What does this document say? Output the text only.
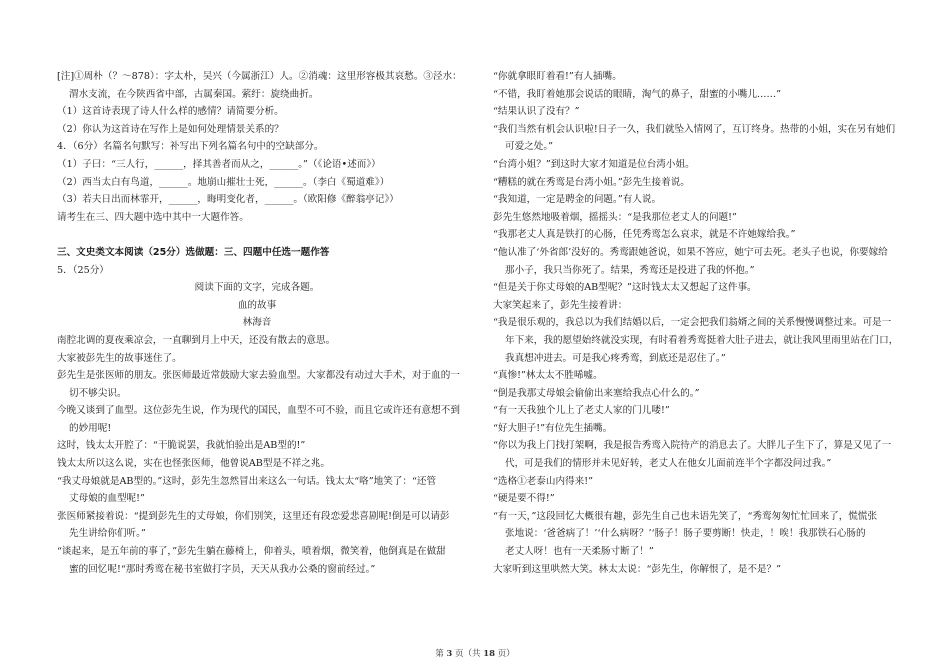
[注]①周朴（？～878）：字太朴，吴兴（今属浙江）人。②消魂：这里形容极其哀愁。③泾水：

渭水支流，在今陕西省中部，古属秦国。萦纡：旋绕曲折。

（1）这首诗表现了诗人什么样的感情？请简要分析。

（2）你认为这首诗在写作上是如何处理情景关系的？

4．（6分）名篇名句默写：补写出下列名篇名句中的空缺部分。

（1）子曰：“三人行，______，择其善者而从之，______。”（《论语•述而》）

（2）西当太白有鸟道，______。地崩山摧壮士死，______。（李白《蜀道难》）

（3）若夫日出而林霏开，______，晦明变化者，______。（欧阳修《醉翁亭记》）

请考生在三、四大题中选中其中一大题作答。

三、文史类文本阅读（25分）选做题：三、四题中任选一题作答

5．（25分）

阅读下面的文字，完成各题。

血的故事

林海音

南腔北调的夏夜乘凉会，一直聊到月上中天，还没有散去的意思。

大家被彭先生的故事迷住了。

彭先生是张医师的朋友。张医师最近常鼓励大家去验血型。大家都没有动过大手术，对于血的一

切不够尖识。

今晚又谈到了血型。这位彭先生说，作为现代的国民，血型不可不验，而且它或许还有意想不到

的妙用呢!

这时，钱太太开腔了：“干脆说罢，我就怕验出是AB型的!”

钱太太所以这么说，实在也怪张医师，他曾说AB型是不祥之兆。

“我丈母娘就是AB型的。”这时，彭先生忽然冒出来这么一句话。钱太太“咯”地笑了：“还管

丈母娘的血型呢!”

张医师紧接着说：“提到彭先生的丈母娘，你们别笑，这里还有段恋爱悲喜剧呢!倒是可以请彭

先生讲给你们听。”

“谈起来，是五年前的事了，”彭先生躺在藤椅上，仰着头，喷着烟，微笑着，他倒真是在做甜

蜜的回忆呢!“那时秀鸾在秘书室做打字员，天天从我办公桑的窗前经过。”

“你就拿眼盯着看!”有人插嘴。

“不错，我盯着她那会说话的眼睛，淘气的鼻子，甜蜜的小嘴儿……”

“结果认识了没有？”

“我们当然有机会认识啦!日子一久，我们就坠入情网了，互订终身。热带的小姐，实在另有她们

可爱之处。”

“台湾小姐？”到这时大家才知道是位台湾小姐。

“糟糕的就在秀鸾是台湾小姐。”彭先生接着说。

“我知道，一定是聘金的问题。”有人说。

彭先生悠然地吸着烟，摇摇头：“是我那位老丈人的问题!”

“我那老丈人真是铁打的心肠，任凭秀鸾怎么哀求，就是不许她嫁给我。”

“他认准了‘外省郎’没好的。秀鸾跟她爸说，如果不答应，她宁可去死。老头子也说，你要嫁给

那小子，我只当你死了。结果，秀鸾还是投进了我的怀抱。”

“但是关于你丈母娘的AB型呢？”这时钱太太又想起了这件事。

大家笑起来了，彭先生接着讲：

“我是很乐观的，我总以为我们结婚以后，一定会把我们翁婿之间的关系慢慢调整过来。可是一

年下来，我的愿望始终就没实现，有时看着秀鸾挺着大肚子进去，就让我风里雨里站在门口，

我真想冲进去。可是我心疼秀鸾，到底还是忍住了。”

“真惨!”林太太不胜唏嘘。

“倒是我那丈母娘会偷偷出来塞给我点心什么的。”

“有一天我独个儿上了老丈人家的门儿喽!”

“好大胆子!”有位先生插嘴。

“你以为我上门找打架啊，我是报告秀鸾入院待产的消息去了。大胖儿子生下了，算是又见了一

代，可是我们的情形并未见好转，老丈人在他女儿面前连半个字都没问过我。”

“选格①老泰山内得来!”

“硬是要不得!”

“有一天，”这段回忆大概很有趣，彭先生自己也未语先笑了，“秀鸾匆匆忙忙回来了，慌慌张

张地说：‘爸爸病了！’‘什么病呀？’‘肠子！肠子要剪断！快走，！唉！我那铁石心肠的

老丈人呀！也有一天柔肠寸断了！”

大家听到这里哄然大笑。林太太说：“彭先生，你解恨了，是不是？”

第 3 页（共 18 页）
